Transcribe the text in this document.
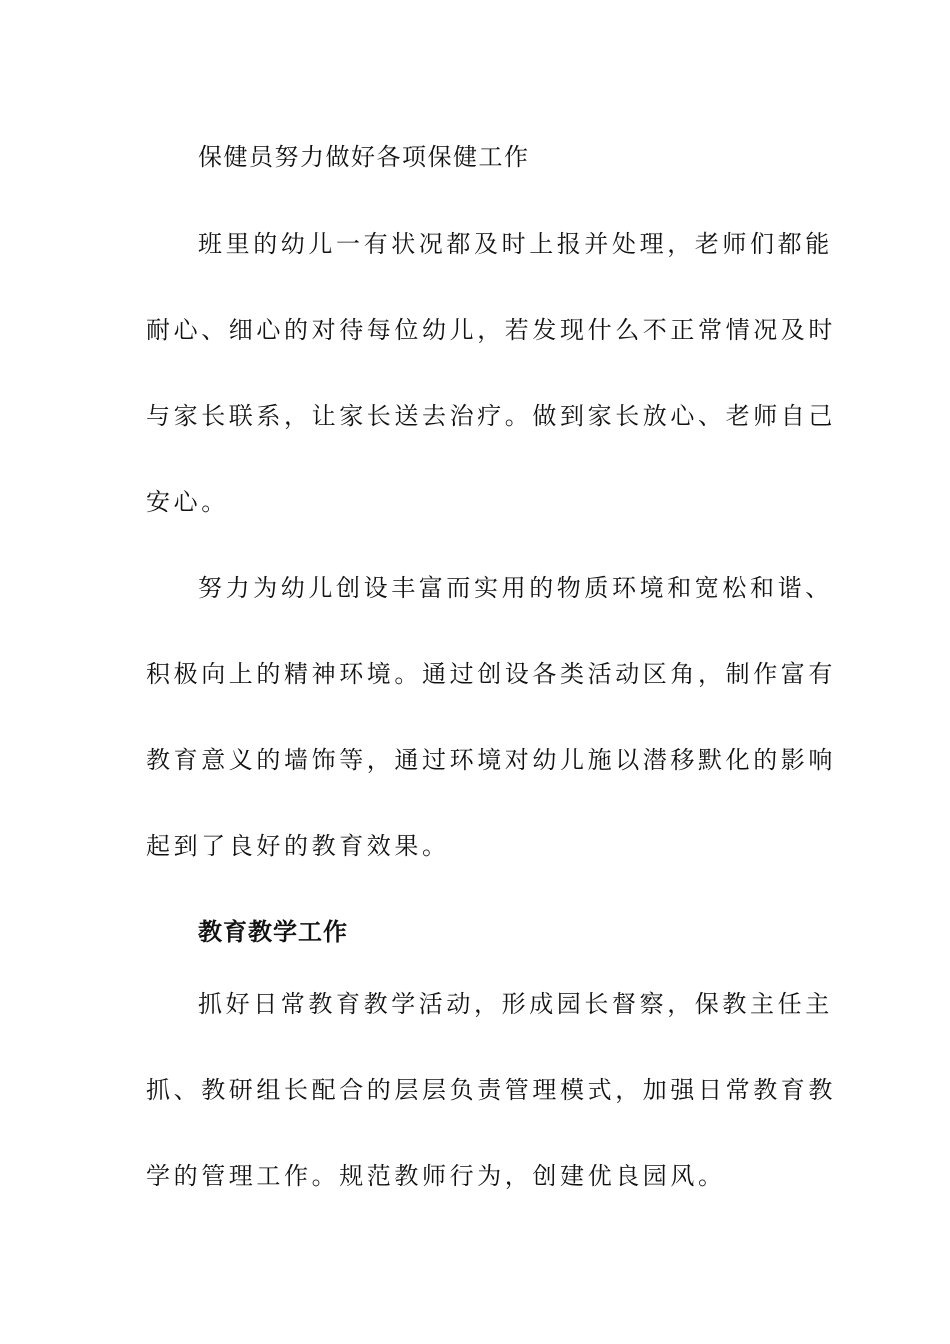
保健员努力做好各项保健工作
班里的幼儿一有状况都及时上报并处理，老师们都能
耐心、细心的对待每位幼儿，若发现什么不正常情况及时
与家长联系，让家长送去治疗。做到家长放心、老师自己
安心。
努力为幼儿创设丰富而实用的物质环境和宽松和谐、
积极向上的精神环境。通过创设各类活动区角，制作富有
教育意义的墙饰等，通过环境对幼儿施以潜移默化的影响
起到了良好的教育效果。
教育教学工作
抓好日常教育教学活动，形成园长督察，保教主任主
抓、教研组长配合的层层负责管理模式，加强日常教育教
学的管理工作。规范教师行为，创建优良园风。
